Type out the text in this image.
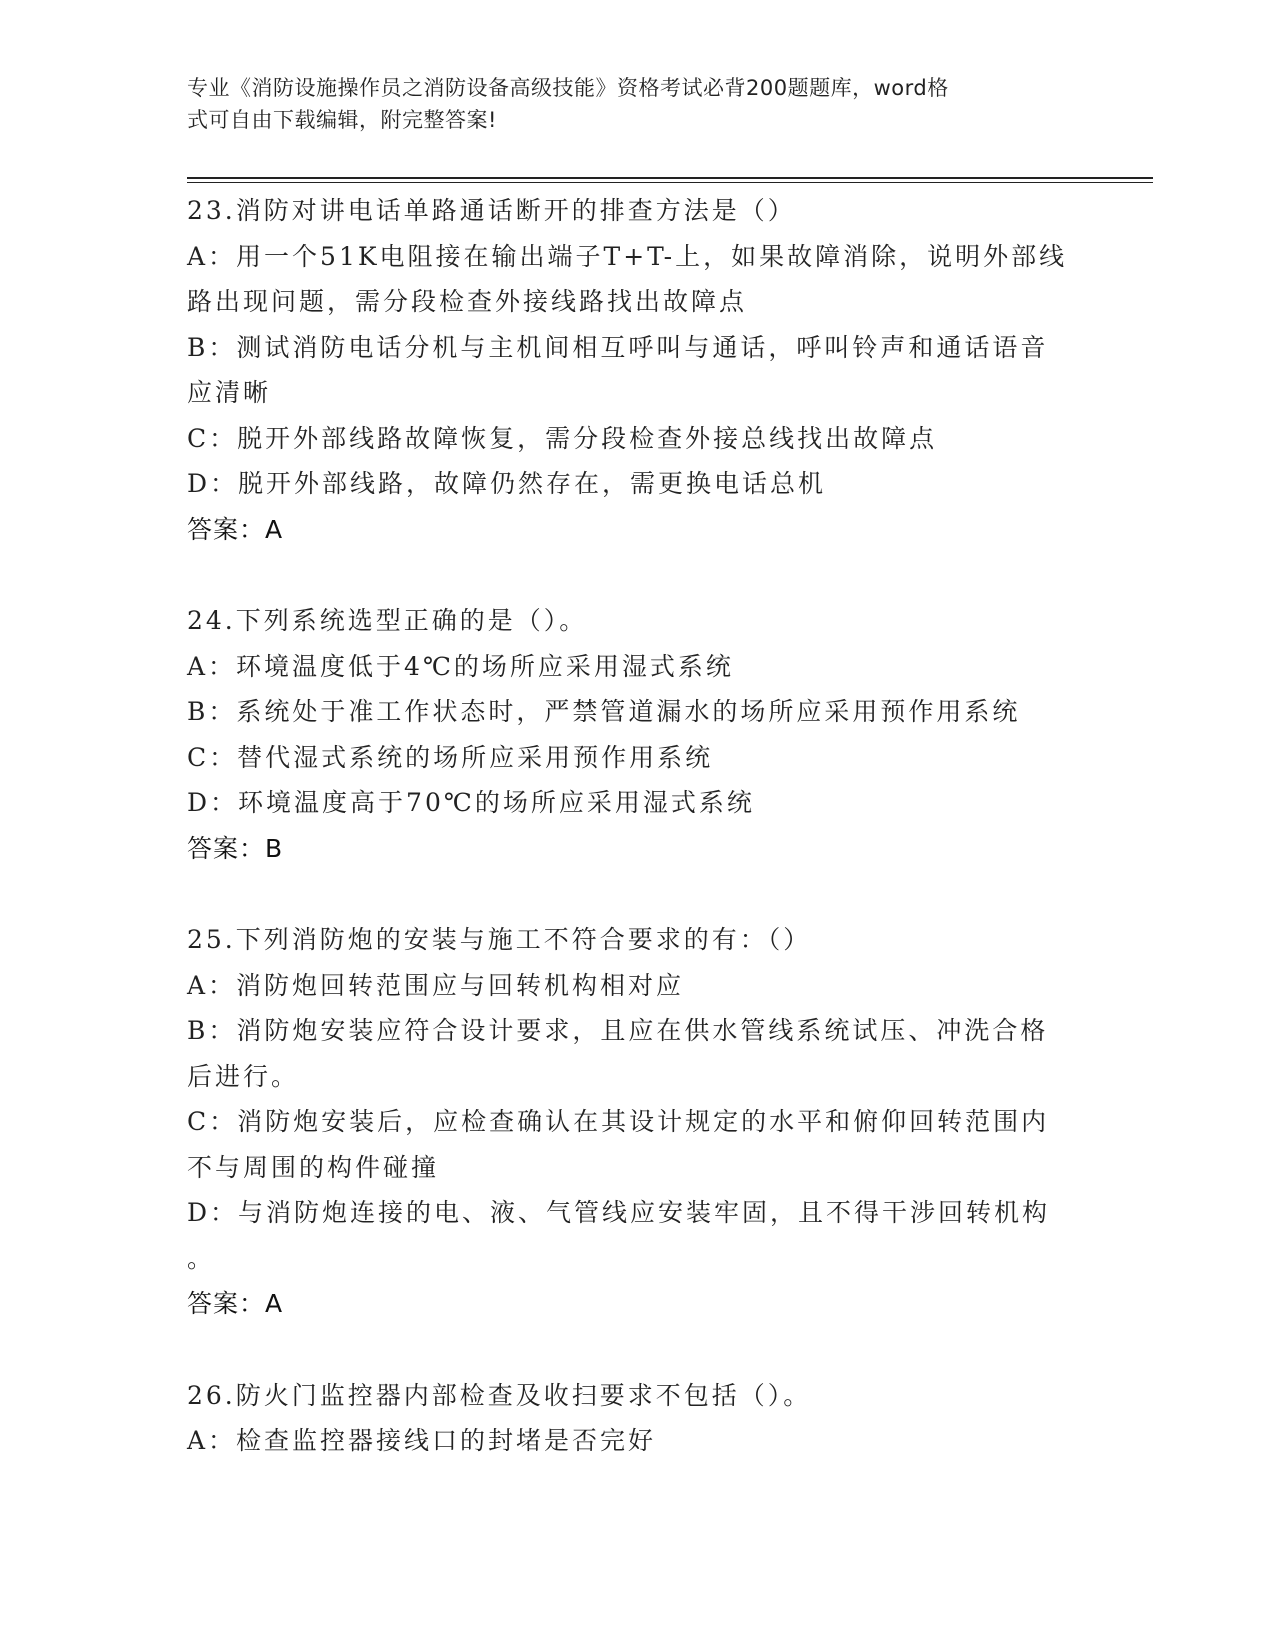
专业《消防设施操作员之消防设备高级技能》资格考试必背200题题库，word格
式可自由下载编辑，附完整答案!
23.消防对讲电话单路通话断开的排查方法是（）
A：用一个51K电阻接在输出端子T+T-上，如果故障消除，说明外部线
路出现问题，需分段检查外接线路找出故障点
B：测试消防电话分机与主机间相互呼叫与通话，呼叫铃声和通话语音
应清晰
C：脱开外部线路故障恢复，需分段检查外接总线找出故障点
D：脱开外部线路，故障仍然存在，需更换电话总机
答案：A
24.下列系统选型正确的是（）。
A：环境温度低于4℃的场所应采用湿式系统
B：系统处于准工作状态时，严禁管道漏水的场所应采用预作用系统
C：替代湿式系统的场所应采用预作用系统
D：环境温度高于70℃的场所应采用湿式系统
答案：B
25.下列消防炮的安装与施工不符合要求的有：（）
A：消防炮回转范围应与回转机构相对应
B：消防炮安装应符合设计要求，且应在供水管线系统试压、冲洗合格
后进行。
C：消防炮安装后，应检查确认在其设计规定的水平和俯仰回转范围内
不与周围的构件碰撞
D：与消防炮连接的电、液、气管线应安装牢固，且不得干涉回转机构
。
答案：A
26.防火门监控器内部检查及收扫要求不包括（）。
A：检查监控器接线口的封堵是否完好
